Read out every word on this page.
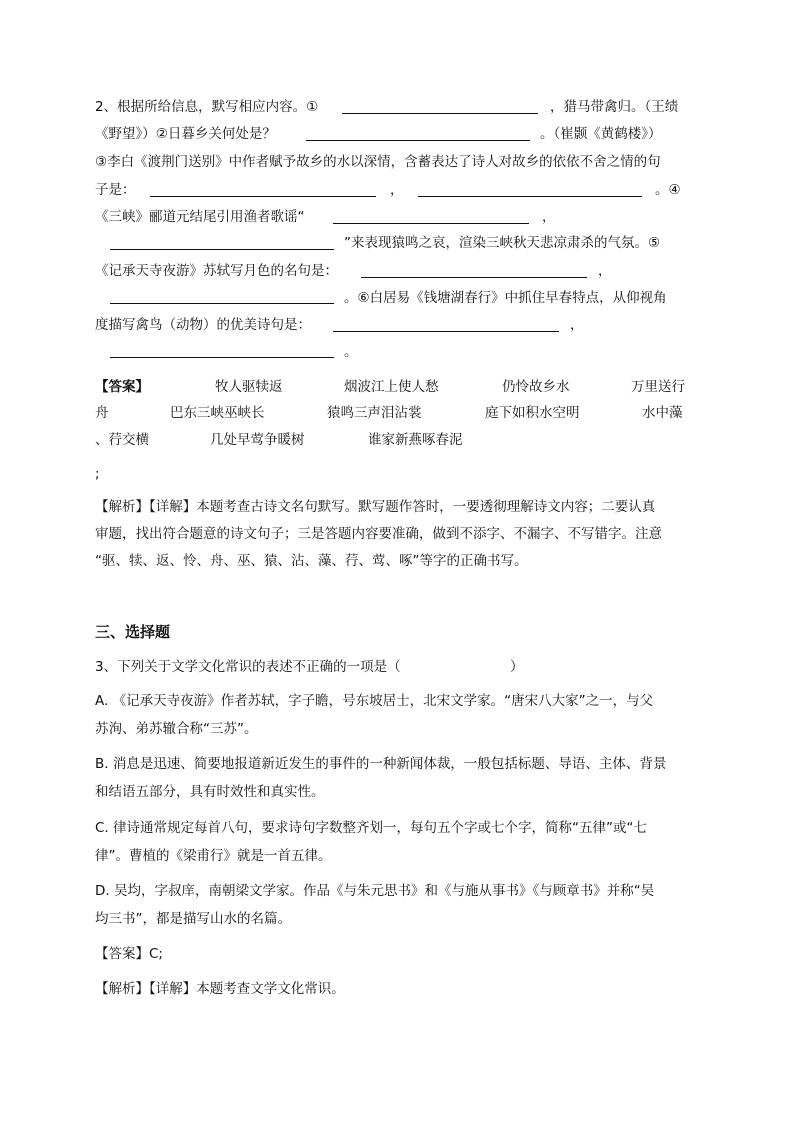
2、根据所给信息，默写相应内容。①	，猎马带禽归。（王绩
《野望》）②日暮乡关何处是？	。（崔颢《黄鹤楼》）
③李白《渡荆门送别》中作者赋予故乡的水以深情，含蓄表达了诗人对故乡的依依不舍之情的句
子是：	，	。④
《三峡》郦道元结尾引用渔者歌谣“	，
”来表现猿鸣之哀，渲染三峡秋天悲凉肃杀的气氛。⑤
《记承天寺夜游》苏轼写月色的名句是：	，
。⑥白居易《钱塘湖春行》中抓住早春特点，从仰视角
度描写禽鸟（动物）的优美诗句是：	，
。
【答案】	牧人驱犊返	烟波江上使人愁	仍怜故乡水	万里送行
舟	巴东三峡巫峡长	猿鸣三声泪沾裳	庭下如积水空明	水中藻
、荇交横	几处早莺争暖树	谁家新燕啄春泥
;
【解析】【详解】本题考查古诗文名句默写。默写题作答时，一要透彻理解诗文内容；二要认真
审题，找出符合题意的诗文句子；三是答题内容要准确，做到不添字、不漏字、不写错字。注意
“驱、犊、返、怜、舟、巫、猿、沾、藻、荇、莺、啄”等字的正确书写。
三、选择题
3、下列关于文学文化常识的表述不正确的一项是（	）
A. 《记承天寺夜游》作者苏轼，字子瞻，号东坡居士，北宋文学家。“唐宋八大家”之一，与父
苏洵、弟苏辙合称“三苏”。
B. 消息是迅速、简要地报道新近发生的事件的一种新闻体裁，一般包括标题、导语、主体、背景
和结语五部分，具有时效性和真实性。
C. 律诗通常规定每首八句，要求诗句字数整齐划一，每句五个字或七个字，简称“五律”或“七
律”。曹植的《梁甫行》就是一首五律。
D. 吴均，字叔庠，南朝梁文学家。作品《与朱元思书》和《与施从事书》《与顾章书》并称“吴
均三书”，都是描写山水的名篇。
【答案】C;
【解析】【详解】本题考查文学文化常识。
